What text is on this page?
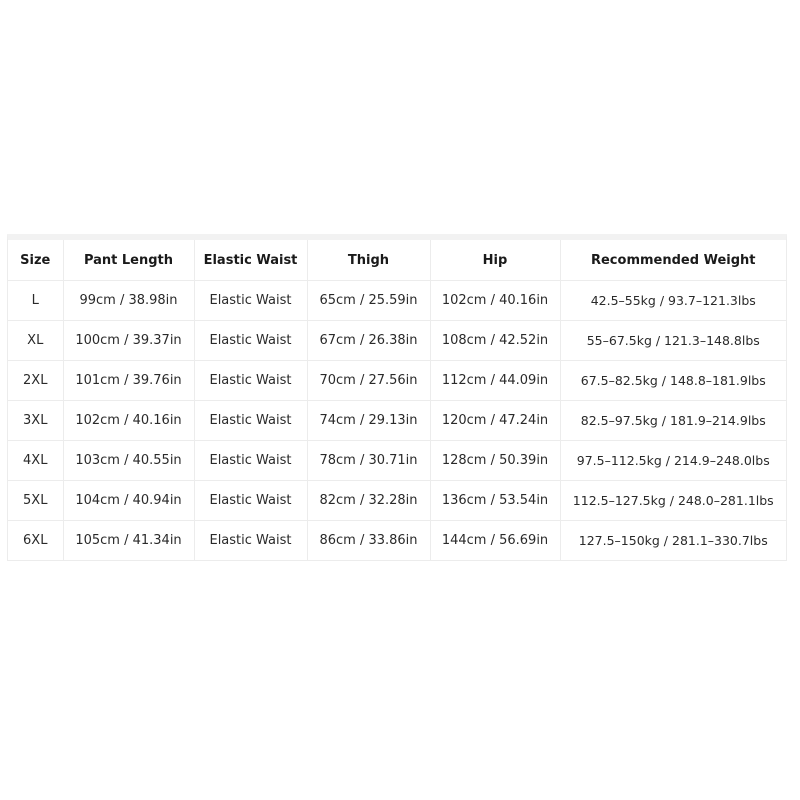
Size	Pant Length	Elastic Waist	Thigh	Hip	Recommended Weight
L	99cm / 38.98in	Elastic Waist	65cm / 25.59in	102cm / 40.16in	42.5–55kg / 93.7–121.3lbs
XL	100cm / 39.37in	Elastic Waist	67cm / 26.38in	108cm / 42.52in	55–67.5kg / 121.3–148.8lbs
2XL	101cm / 39.76in	Elastic Waist	70cm / 27.56in	112cm / 44.09in	67.5–82.5kg / 148.8–181.9lbs
3XL	102cm / 40.16in	Elastic Waist	74cm / 29.13in	120cm / 47.24in	82.5–97.5kg / 181.9–214.9lbs
4XL	103cm / 40.55in	Elastic Waist	78cm / 30.71in	128cm / 50.39in	97.5–112.5kg / 214.9–248.0lbs
5XL	104cm / 40.94in	Elastic Waist	82cm / 32.28in	136cm / 53.54in	112.5–127.5kg / 248.0–281.1lbs
6XL	105cm / 41.34in	Elastic Waist	86cm / 33.86in	144cm / 56.69in	127.5–150kg / 281.1–330.7lbs
